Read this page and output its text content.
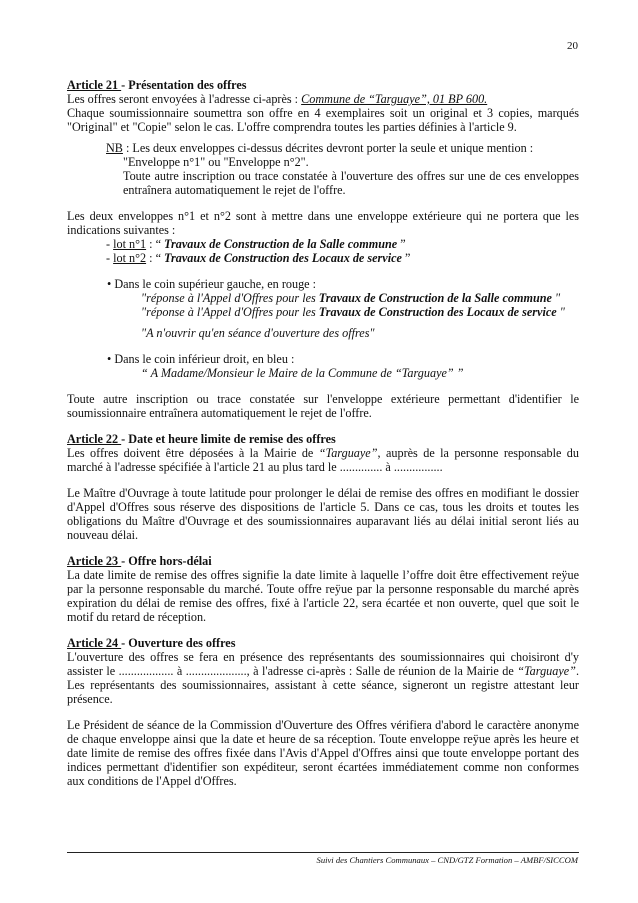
20

Article 21 - Présentation des offres

Les offres seront envoyées à l'adresse ci-après : Commune de “Targuaye”, 01 BP 600.

Chaque soumissionnaire soumettra son offre en 4 exemplaires soit un original et 3 copies, marqués "Original" et "Copie" selon le cas. L'offre comprendra toutes les parties définies à l'article 9.

NB : Les deux enveloppes ci-dessus décrites devront porter la seule et unique mention :

"Enveloppe n°1" ou "Enveloppe n°2".

Toute autre inscription ou trace constatée à l'ouverture des offres sur une de ces enveloppes entraînera automatiquement le rejet de l'offre.

Les deux enveloppes n°1 et n°2 sont à mettre dans une enveloppe extérieure qui ne portera que les indications suivantes :

- lot n°1 : “ Travaux de Construction de la Salle commune ”

- lot n°2 : “ Travaux de Construction des Locaux de service ”

• Dans le coin supérieur gauche, en rouge :

"réponse à l'Appel d'Offres pour les Travaux de Construction de la Salle commune "

"réponse à l'Appel d'Offres pour les Travaux de Construction des Locaux de service "

"A n'ouvrir qu'en séance d'ouverture des offres"

• Dans le coin inférieur droit, en bleu :

“ A Madame/Monsieur le Maire de la Commune de “Targuaye” ”

Toute autre inscription ou trace constatée sur l'enveloppe extérieure permettant d'identifier le soumissionnaire entraînera automatiquement le rejet de l'offre.

Article 22 - Date et heure limite de remise des offres

Les offres doivent être déposées à la Mairie de “Targuaye”, auprès de la personne responsable du marché à l'adresse spécifiée à l'article 21 au plus tard le .............. à ................

Le Maître d'Ouvrage à toute latitude pour prolonger le délai de remise des offres en modifiant le dossier d'Appel d'Offres sous réserve des dispositions de l'article 5. Dans ce cas, tous les droits et toutes les obligations du Maître d'Ouvrage et des soumissionnaires auparavant liés au délai initial seront liés au nouveau délai.

Article 23 - Offre hors-délai

La date limite de remise des offres signifie la date limite à laquelle l’offre doit être effectivement reÿue par la personne responsable du marché. Toute offre reÿue par la personne responsable du marché après expiration du délai de remise des offres, fixé à l'article 22, sera écartée et non ouverte, quel que soit le motif du retard de réception.

Article 24 - Ouverture des offres

L'ouverture des offres se fera en présence des représentants des soumissionnaires qui choisiront d'y assister le .................. à ...................., à l'adresse ci-après : Salle de réunion de la Mairie de “Targuaye”. Les représentants des soumissionnaires, assistant à cette séance, signeront un registre attestant leur présence.

Le Président de séance de la Commission d'Ouverture des Offres vérifiera d'abord le caractère anonyme de chaque enveloppe ainsi que la date et heure de sa réception. Toute enveloppe reÿue après les heure et date limite de remise des offres fixée dans l'Avis d'Appel d'Offres ainsi que toute enveloppe portant des indices permettant d'identifier son expéditeur, seront écartées immédiatement comme non conformes aux conditions de l'Appel d'Offres.

Suivi des Chantiers Communaux – CND/GTZ Formation – AMBF/SICCOM
